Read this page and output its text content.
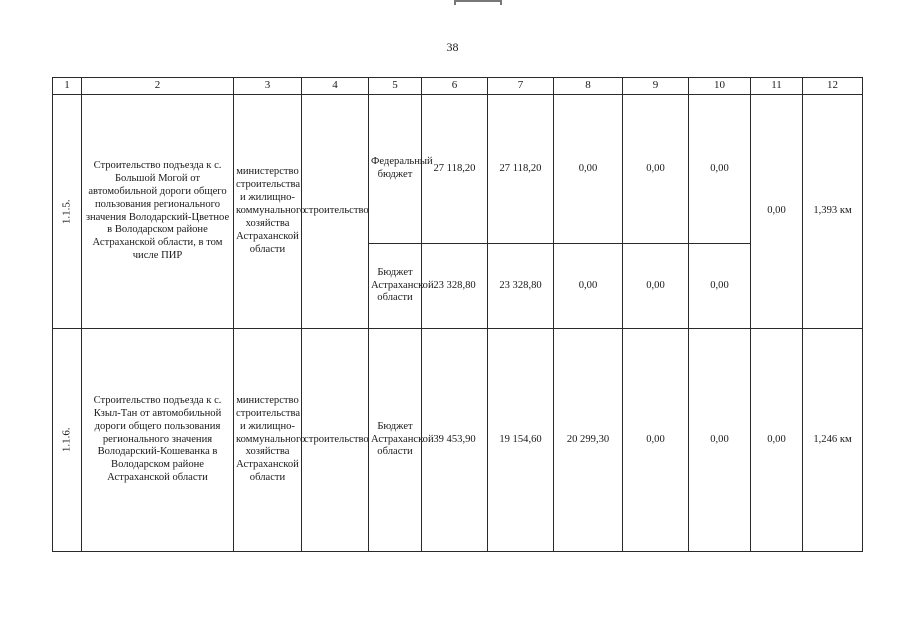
38
1	2	3	4	5	6	7	8	9	10	11	12
1.1.5.	Строительство подъезда к с. Большой Могой от автомобильной дороги общего пользования регионального значения Володарский-Цветное в Володарском районе Астраханской области, в том числе ПИР	министерство строительства и жилищно-коммунального хозяйства Астраханской области	строительство	Федеральный бюджет	27 118,20	27 118,20	0,00	0,00	0,00	0,00	1,393 км
				Бюджет Астраханской области	23 328,80	23 328,80	0,00	0,00	0,00		
1.1.6.	Строительство подъезда к с. Кзыл-Тан от автомобильной дороги общего пользования регионального значения Володарский-Кошеванка в Володарском районе Астраханской области	министерство строительства и жилищно-коммунального хозяйства Астраханской области	строительство	Бюджет Астраханской области	39 453,90	19 154,60	20 299,30	0,00	0,00	0,00	1,246 км
